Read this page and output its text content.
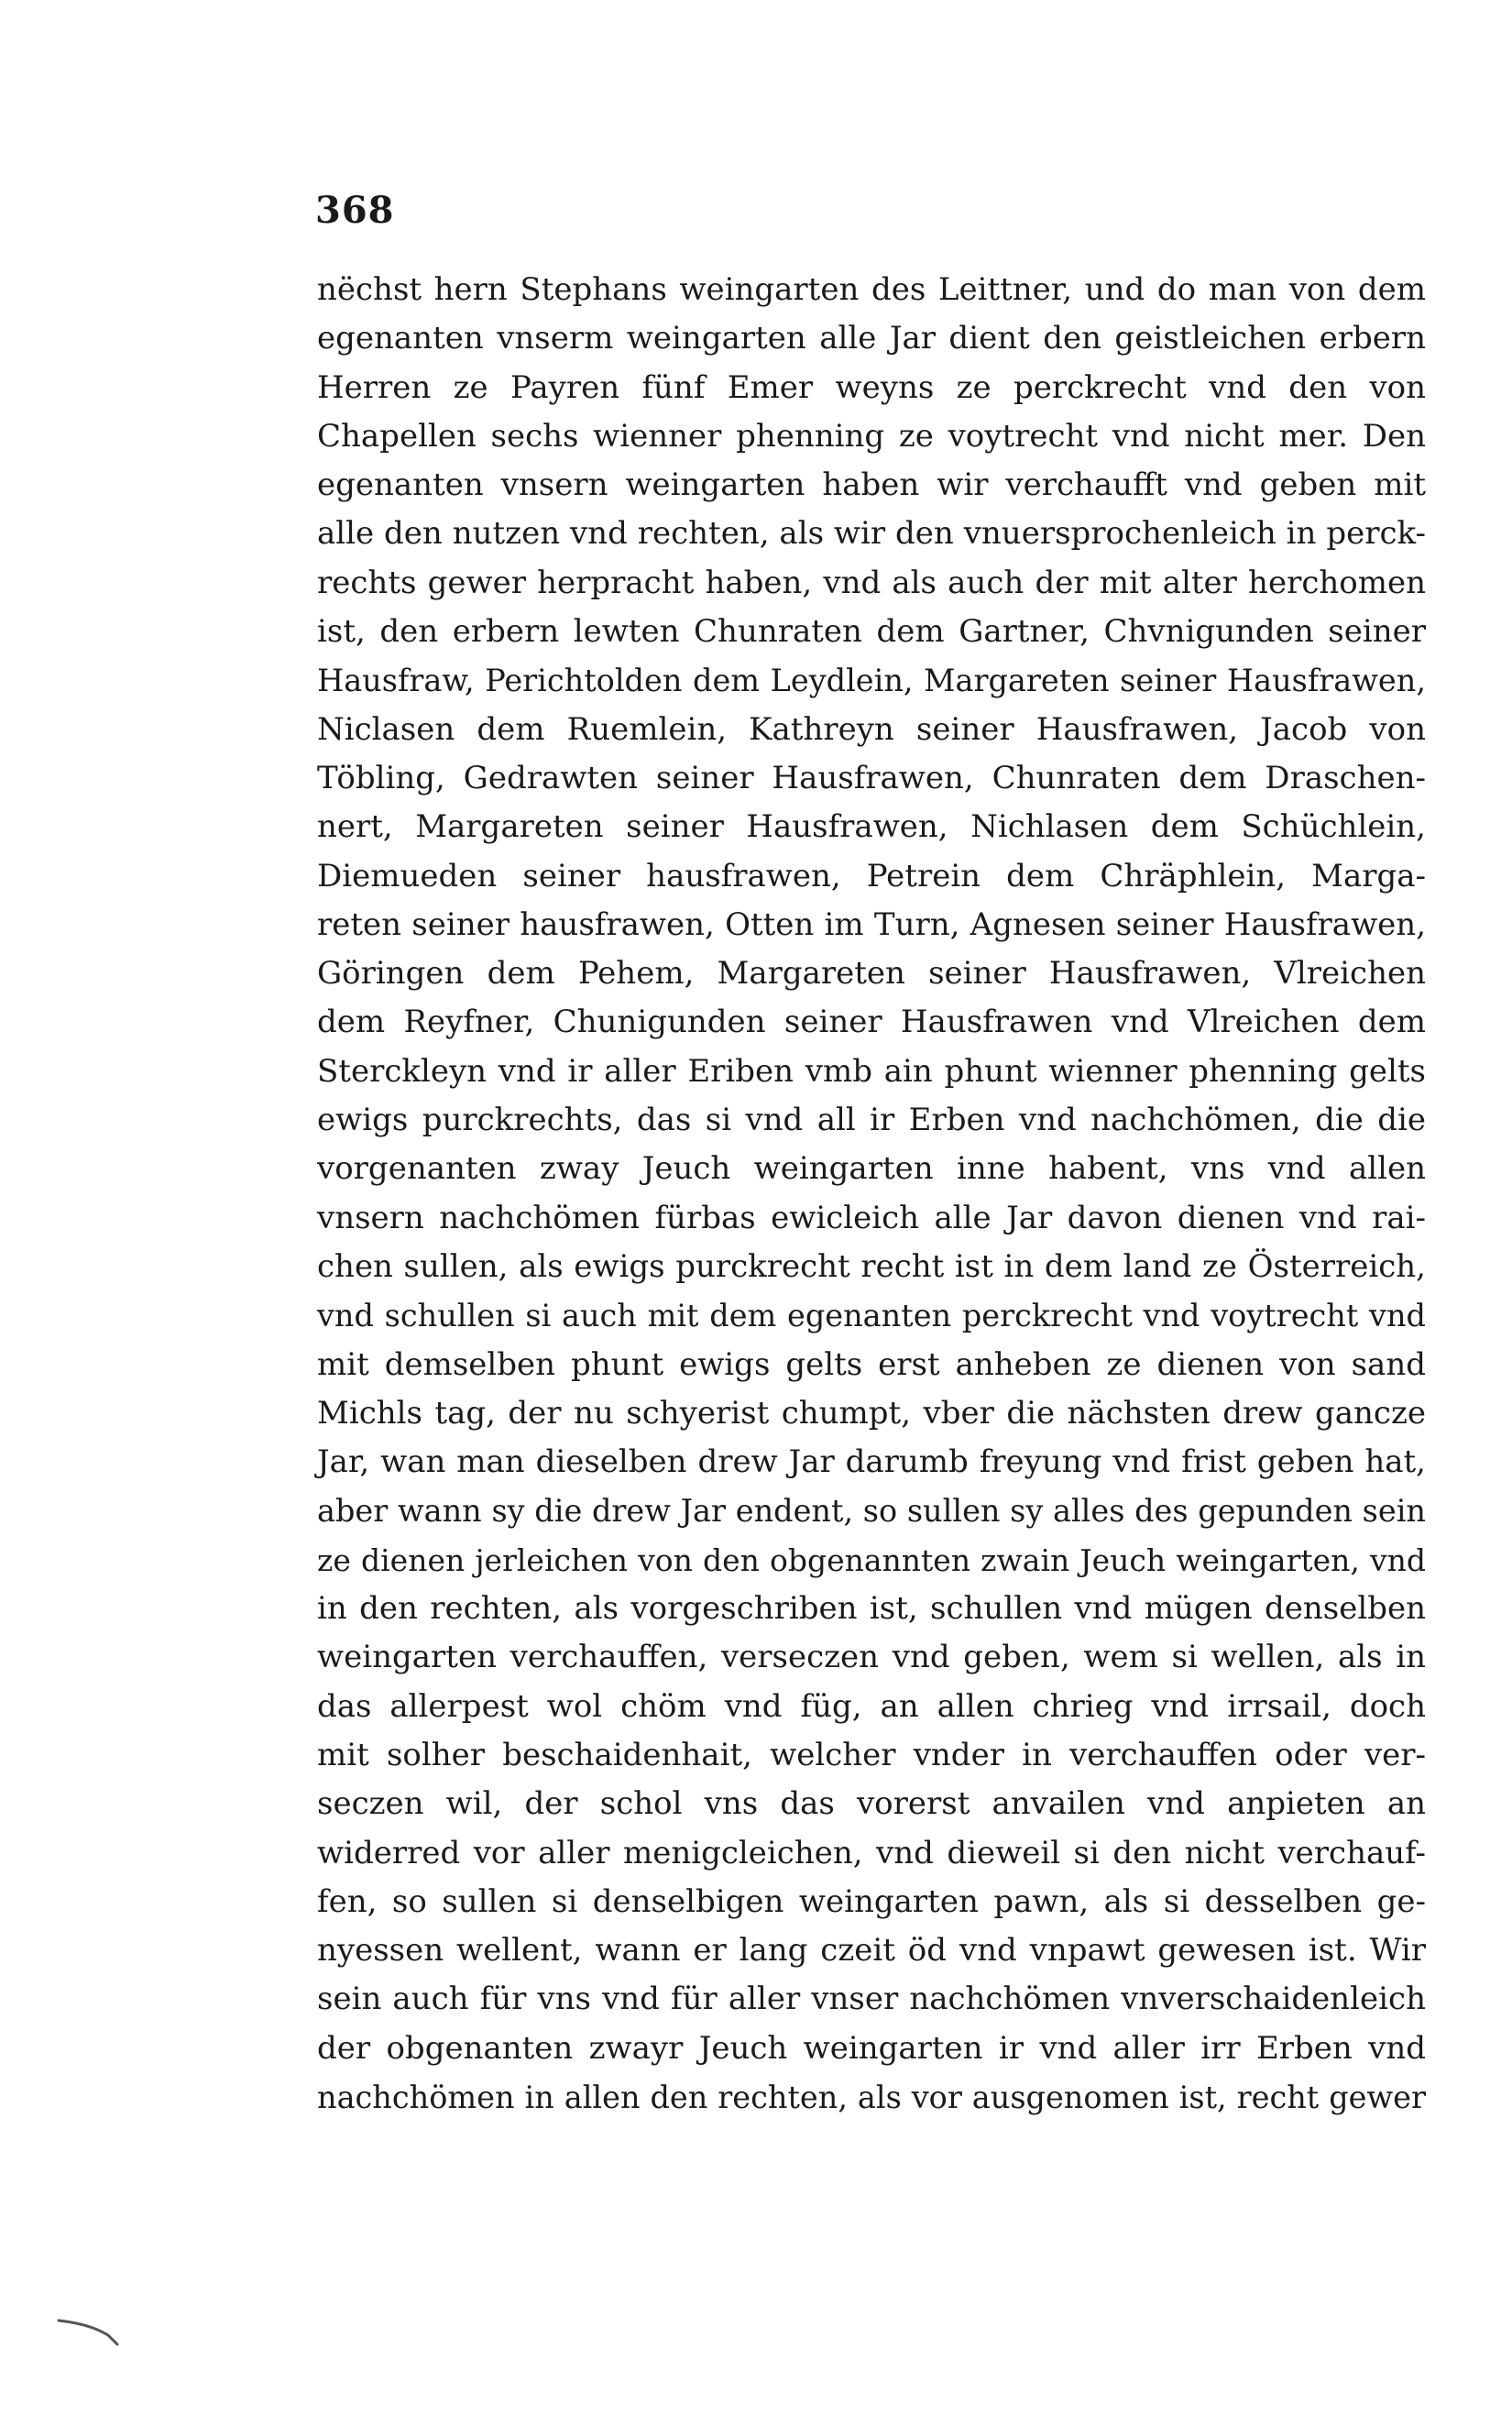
368
nëchst hern Stephans weingarten des Leittner, und do man von dem
egenanten vnserm weingarten alle Jar dient den geistleichen erbern
Herren ze Payren fünf Emer weyns ze perckrecht vnd den von
Chapellen sechs wienner phenning ze voytrecht vnd nicht mer. Den
egenanten vnsern weingarten haben wir verchaufft vnd geben mit
alle den nutzen vnd rechten, als wir den vnuersprochenleich in perck-
rechts gewer herpracht haben, vnd als auch der mit alter herchomen
ist, den erbern lewten Chunraten dem Gartner, Chvnigunden seiner
Hausfraw, Perichtolden dem Leydlein, Margareten seiner Hausfrawen,
Niclasen dem Ruemlein, Kathreyn seiner Hausfrawen, Jacob von
Töbling, Gedrawten seiner Hausfrawen, Chunraten dem Draschen-
nert, Margareten seiner Hausfrawen, Nichlasen dem Schüchlein,
Diemueden seiner hausfrawen, Petrein dem Chräphlein, Marga-
reten seiner hausfrawen, Otten im Turn, Agnesen seiner Hausfrawen,
Göringen dem Pehem, Margareten seiner Hausfrawen, Vlreichen
dem Reyfner, Chunigunden seiner Hausfrawen vnd Vlreichen dem
Sterckleyn vnd ir aller Eriben vmb ain phunt wienner phenning gelts
ewigs purckrechts, das si vnd all ir Erben vnd nachchömen, die die
vorgenanten zway Jeuch weingarten inne habent, vns vnd allen
vnsern nachchömen fürbas ewicleich alle Jar davon dienen vnd rai-
chen sullen, als ewigs purckrecht recht ist in dem land ze Österreich,
vnd schullen si auch mit dem egenanten perckrecht vnd voytrecht vnd
mit demselben phunt ewigs gelts erst anheben ze dienen von sand
Michls tag, der nu schyerist chumpt, vber die nächsten drew gancze
Jar, wan man dieselben drew Jar darumb freyung vnd frist geben hat,
aber wann sy die drew Jar endent, so sullen sy alles des gepunden sein
ze dienen jerleichen von den obgenannten zwain Jeuch weingarten, vnd
in den rechten, als vorgeschriben ist, schullen vnd mügen denselben
weingarten verchauffen, verseczen vnd geben, wem si wellen, als in
das allerpest wol chöm vnd füg, an allen chrieg vnd irrsail, doch
mit solher beschaidenhait, welcher vnder in verchauffen oder ver-
seczen wil, der schol vns das vorerst anvailen vnd anpieten an
widerred vor aller menigcleichen, vnd dieweil si den nicht verchauf-
fen, so sullen si denselbigen weingarten pawn, als si desselben ge-
nyessen wellent, wann er lang czeit öd vnd vnpawt gewesen ist. Wir
sein auch für vns vnd für aller vnser nachchömen vnverschaidenleich
der obgenanten zwayr Jeuch weingarten ir vnd aller irr Erben vnd
nachchömen in allen den rechten, als vor ausgenomen ist, recht gewer
